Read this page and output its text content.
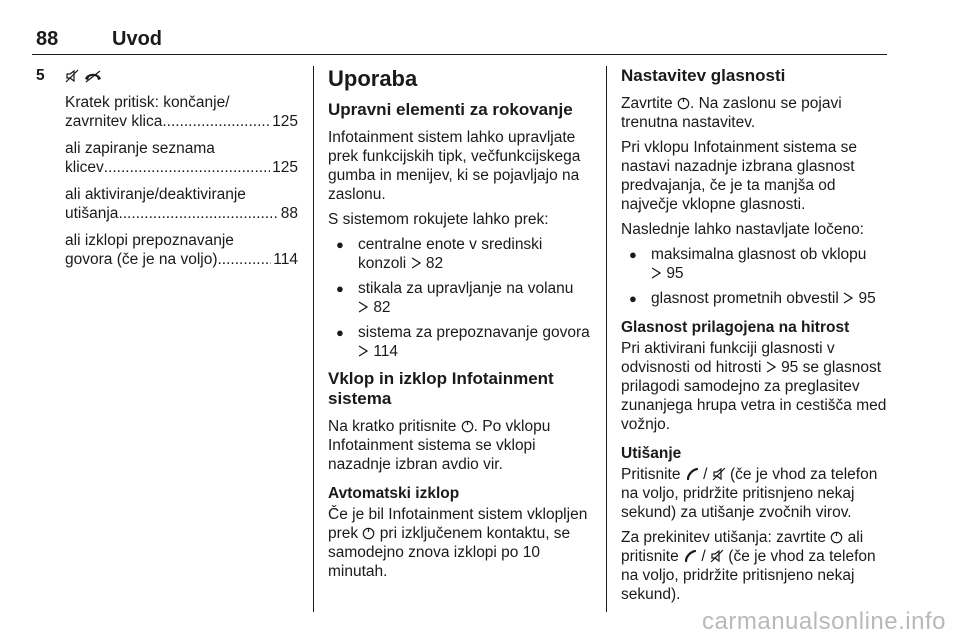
88	Uvod
5

Kratek pritisk: končanje/

zavrnitev klica .....	125
ali zapiranje seznama
klicev .....	125
ali aktiviranje/deaktiviranje
utišanja .....	88
ali izklopi prepoznavanje
govora (če je na voljo) .....	114
Uporaba
Upravni elementi za rokovanje

Infotainment sistem lahko upravljate prek funkcijskih tipk, večfunkcijskega gumba in menijev, ki se pojavljajo na zaslonu.

S sistemom rokujete lahko prek:

● centralne enote v sredinski konzoli 82
● stikala za upravljanje na volanu  82
● sistema za prepoznavanje govora  114
Vklop in izklop Infotainment sistema

Na kratko pritisnite . Po vklopu Infotainment sistema se vklopi nazadnje izbran avdio vir.

Avtomatski izklop

Če je bil Infotainment sistem vklopljen prek pri izključenem kontaktu, se samodejno znova izklopi po 10 minutah.

Nastavitev glasnosti

Zavrtite . Na zaslonu se pojavi trenutna nastavitev.

Pri vklopu Infotainment sistema se nastavi nazadnje izbrana glasnost predvajanja, če je ta manjša od največje vklopne glasnosti.

Naslednje lahko nastavljate ločeno:

● maksimalna glasnost ob vklopu  95
● glasnost prometnih obvestil 95
Glasnost prilagojena na hitrost

Pri aktivirani funkciji glasnosti v odvisnosti od hitrosti 95 se glasnost prilagodi samodejno za preglasitev zunanjega hrupa vetra in cestišča med vožnjo.

Utišanje

Pritisnite / (če je vhod za telefon na voljo, pridržite pritisnjeno nekaj sekund) za utišanje zvočnih virov.

Za prekinitev utišanja: zavrtite ali pritisnite / (če je vhod za telefon na voljo, pridržite pritisnjeno nekaj sekund).

carmanualsonline.info
